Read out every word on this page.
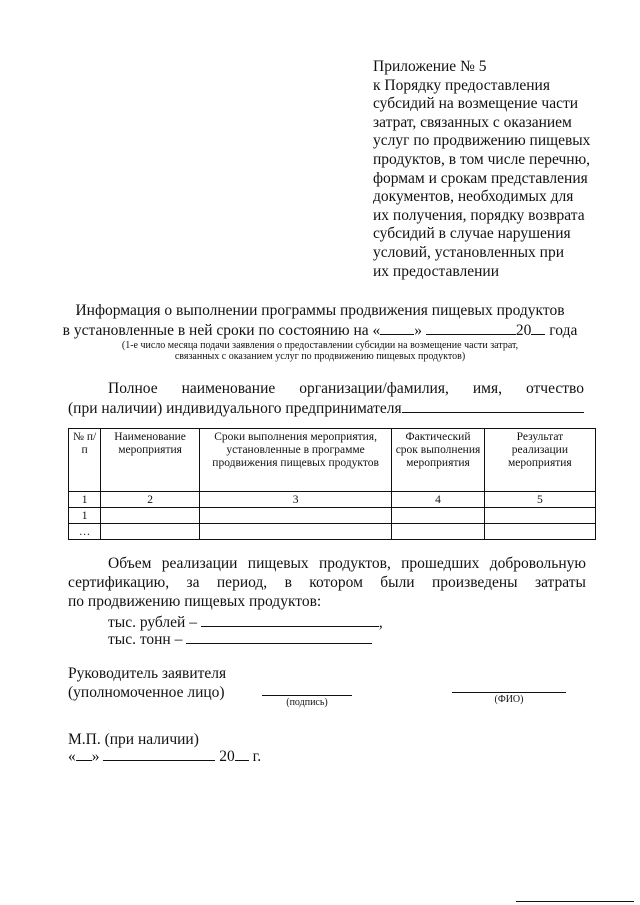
Приложение № 5
к Порядку предоставления
субсидий на возмещение части
затрат, связанных с оказанием
услуг по продвижению пищевых
продуктов, в том числе перечню,
формам и срокам представления
документов, необходимых для
их получения, порядку возврата
субсидий в случае нарушения
условий, установленных при
их предоставлении
Информация о выполнении программы продвижения пищевых продуктов
в установленные в ней сроки по состоянию на « »	20 года
(1-е число месяца подачи заявления о предоставлении субсидии на возмещение части затрат,
связанных с оказанием услуг по продвижению пищевых продуктов)
Полное наименование организации/фамилия, имя, отчество
(при наличии) индивидуального предпринимателя
№ п/п	Наименование мероприятия	Сроки выполнения мероприятия, установленные в программе продвижения пищевых продуктов	Фактический срок выполнения мероприятия	Результат реализации мероприятия
1	2	3	4	5
1				
…				
Объем реализации пищевых продуктов, прошедших добровольную
сертификацию, за период, в котором были произведены затраты
по продвижению пищевых продуктов:
тыс. рублей –	,
тыс. тонн –
Руководитель заявителя
(уполномоченное лицо)
(подпись)	(ФИО)
М.П. (при наличии)
« »	20 г.
